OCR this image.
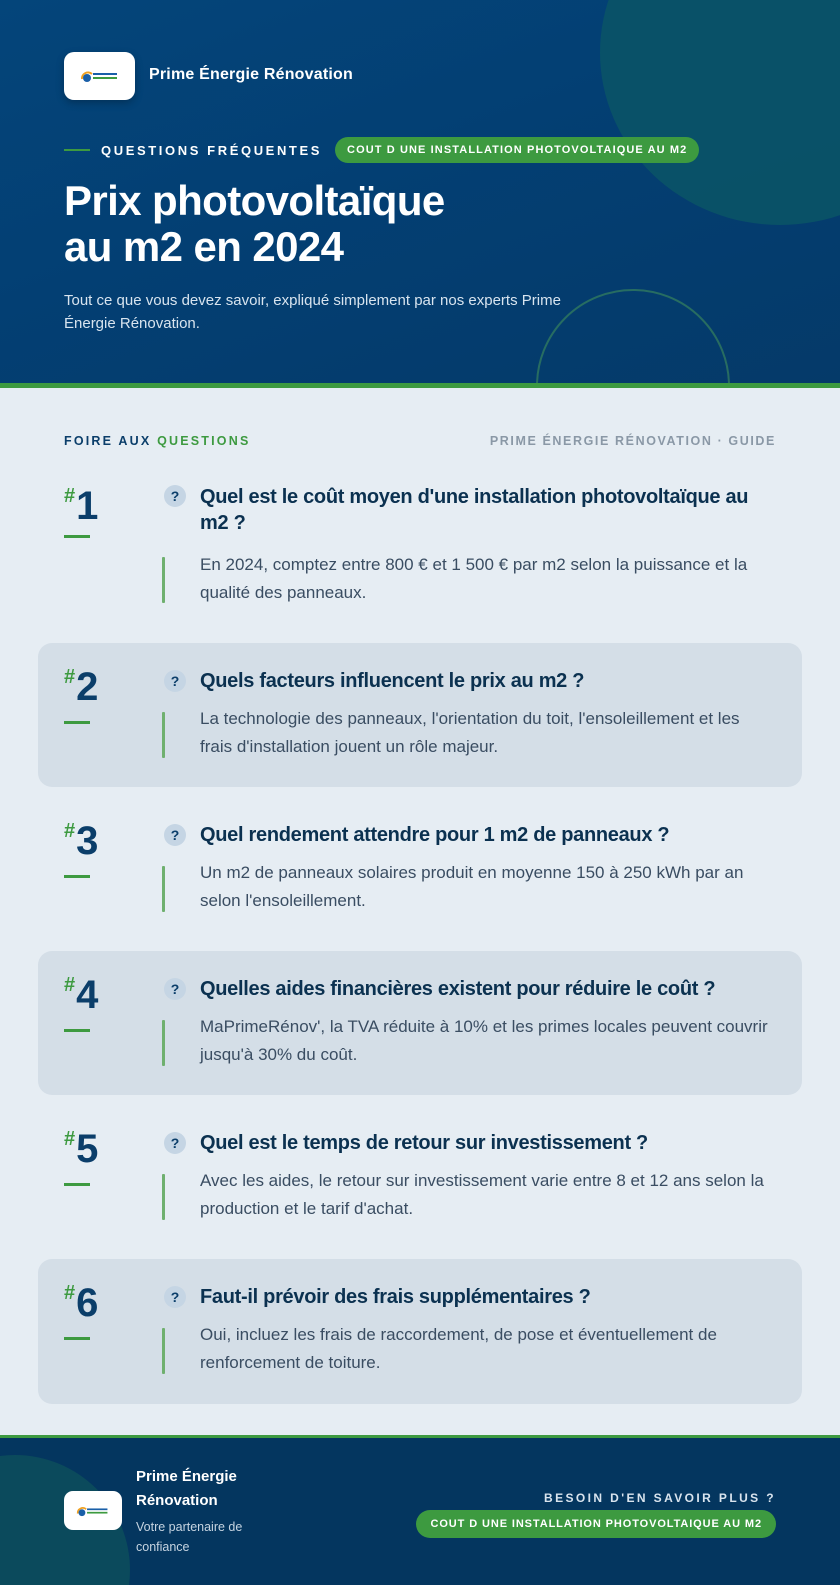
Prime Énergie Rénovation
QUESTIONS FRÉQUENTES	COUT D UNE INSTALLATION PHOTOVOLTAIQUE AU M2
Prix photovoltaïque
au m2 en 2024

Tout ce que vous devez savoir, expliqué simplement par nos experts Prime Énergie Rénovation.

FOIRE AUX QUESTIONS	PRIME ÉNERGIE RÉNOVATION · GUIDE
#1	?	Quel est le coût moyen d'une installation photovoltaïque au m2 ?
En 2024, comptez entre 800 € et 1 500 € par m2 selon la puissance et la qualité des panneaux.
#2	?	Quels facteurs influencent le prix au m2 ?
La technologie des panneaux, l'orientation du toit, l'ensoleillement et les frais d'installation jouent un rôle majeur.
#3	?	Quel rendement attendre pour 1 m2 de panneaux ?
Un m2 de panneaux solaires produit en moyenne 150 à 250 kWh par an selon l'ensoleillement.
#4	?	Quelles aides financières existent pour réduire le coût ?
MaPrimeRénov', la TVA réduite à 10% et les primes locales peuvent couvrir jusqu'à 30% du coût.
#5	?	Quel est le temps de retour sur investissement ?
Avec les aides, le retour sur investissement varie entre 8 et 12 ans selon la production et le tarif d'achat.
#6	?	Faut-il prévoir des frais supplémentaires ?
Oui, incluez les frais de raccordement, de pose et éventuellement de renforcement de toiture.
Prime Énergie Rénovation
Votre partenaire de confiance
BESOIN D'EN SAVOIR PLUS ?
COUT D UNE INSTALLATION PHOTOVOLTAIQUE AU M2
